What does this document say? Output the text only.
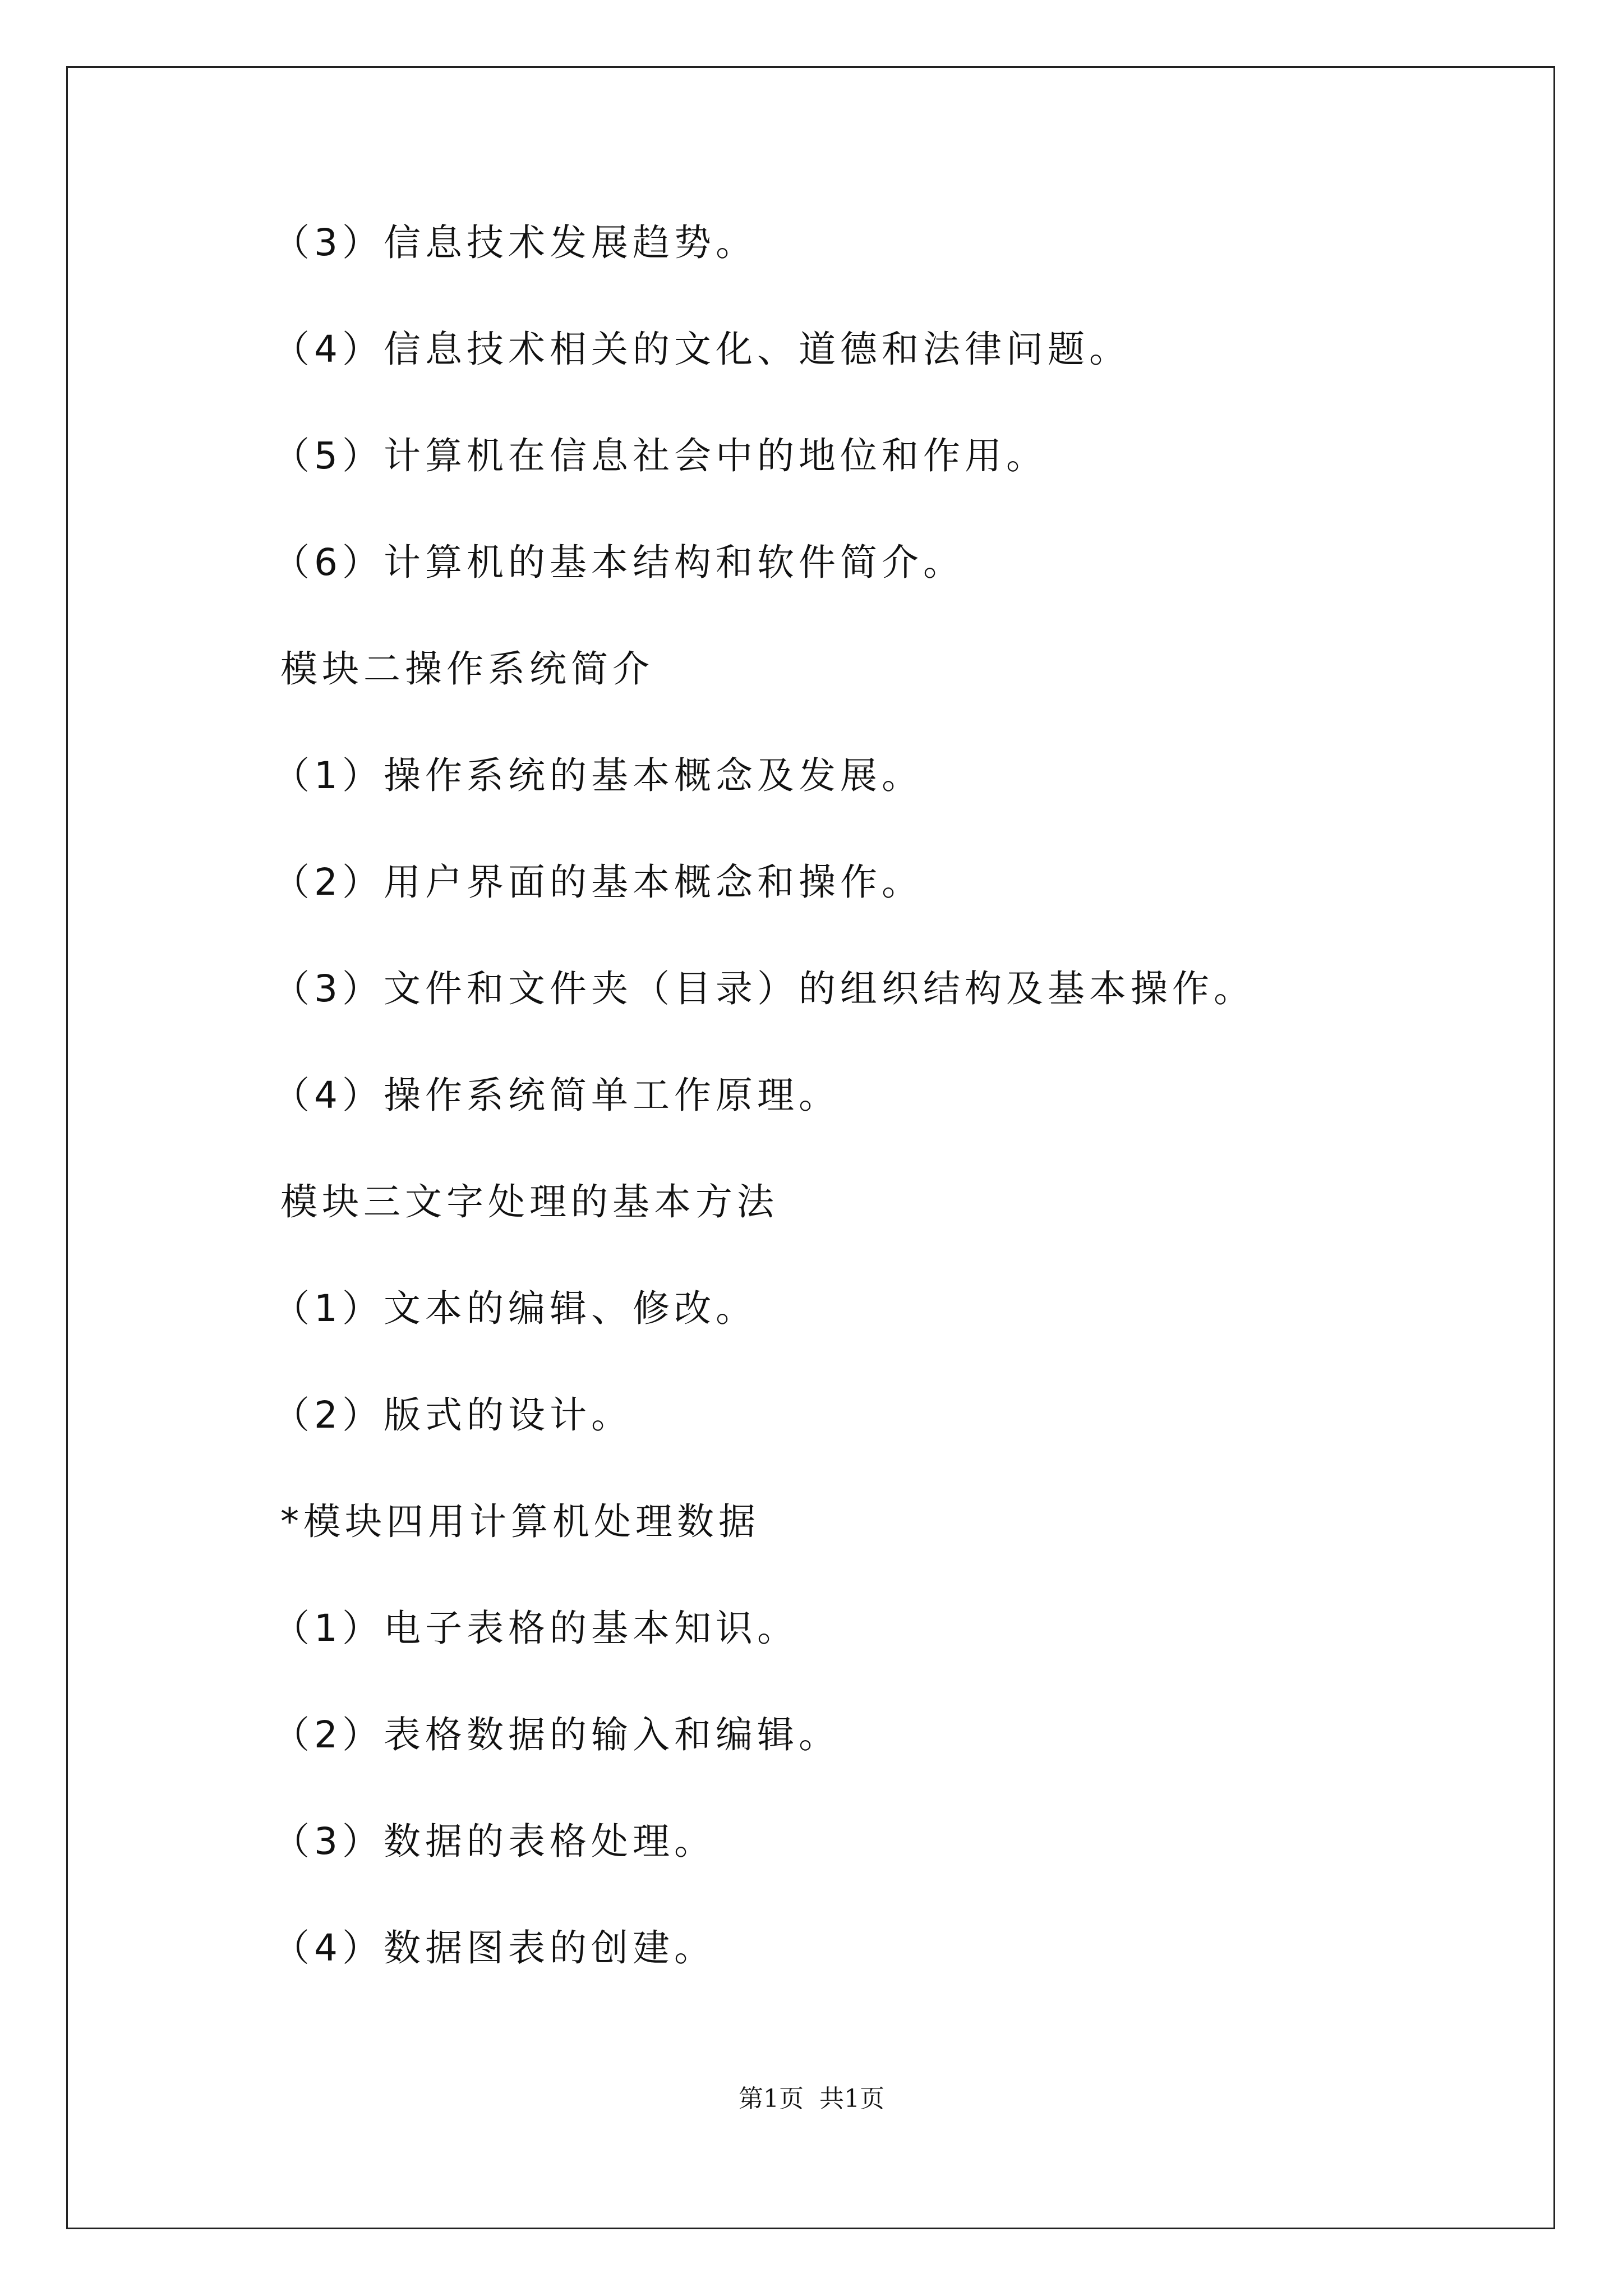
（3）信息技术发展趋势。
（4）信息技术相关的文化、道德和法律问题。
（5）计算机在信息社会中的地位和作用。
（6）计算机的基本结构和软件简介。
模块二操作系统简介
（1）操作系统的基本概念及发展。
（2）用户界面的基本概念和操作。
（3）文件和文件夹（目录）的组织结构及基本操作。
（4）操作系统简单工作原理。
模块三文字处理的基本方法
（1）文本的编辑、修改。
（2）版式的设计。
*模块四用计算机处理数据
（1）电子表格的基本知识。
（2）表格数据的输入和编辑。
（3）数据的表格处理。
（4）数据图表的创建。
第1页 共1页
